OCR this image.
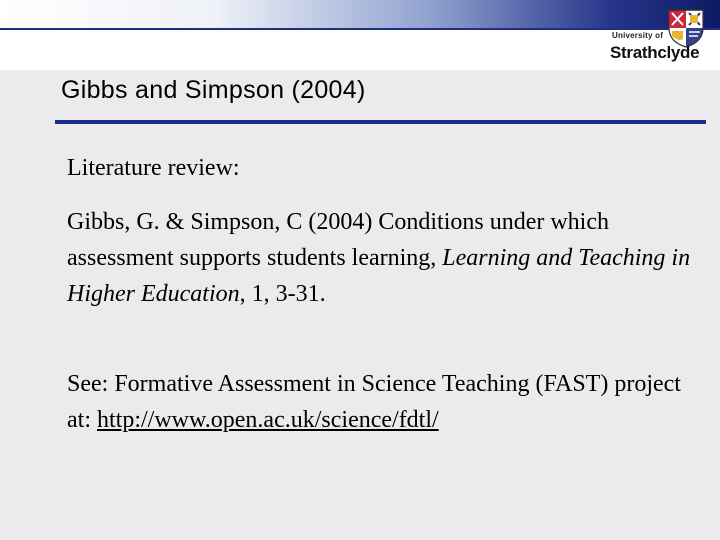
University of
Strathclyde
Gibbs and Simpson (2004)

Literature review:

Gibbs, G. & Simpson, C (2004) Conditions under which assessment supports students learning, Learning and Teaching in Higher Education, 1, 3-31.

See: Formative Assessment in Science Teaching (FAST) project at: http://www.open.ac.uk/science/fdtl/
